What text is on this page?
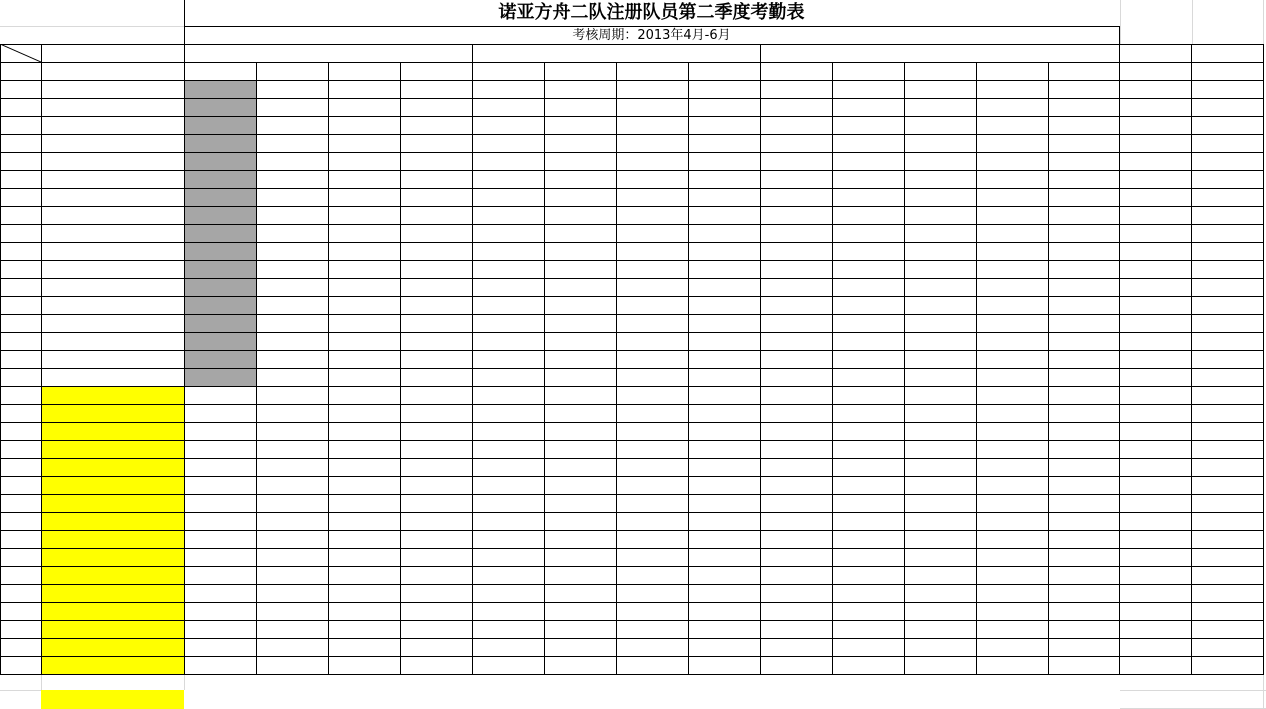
诺亚方舟二队注册队员第二季度考勤表
考核周期：2013年4月-6月
